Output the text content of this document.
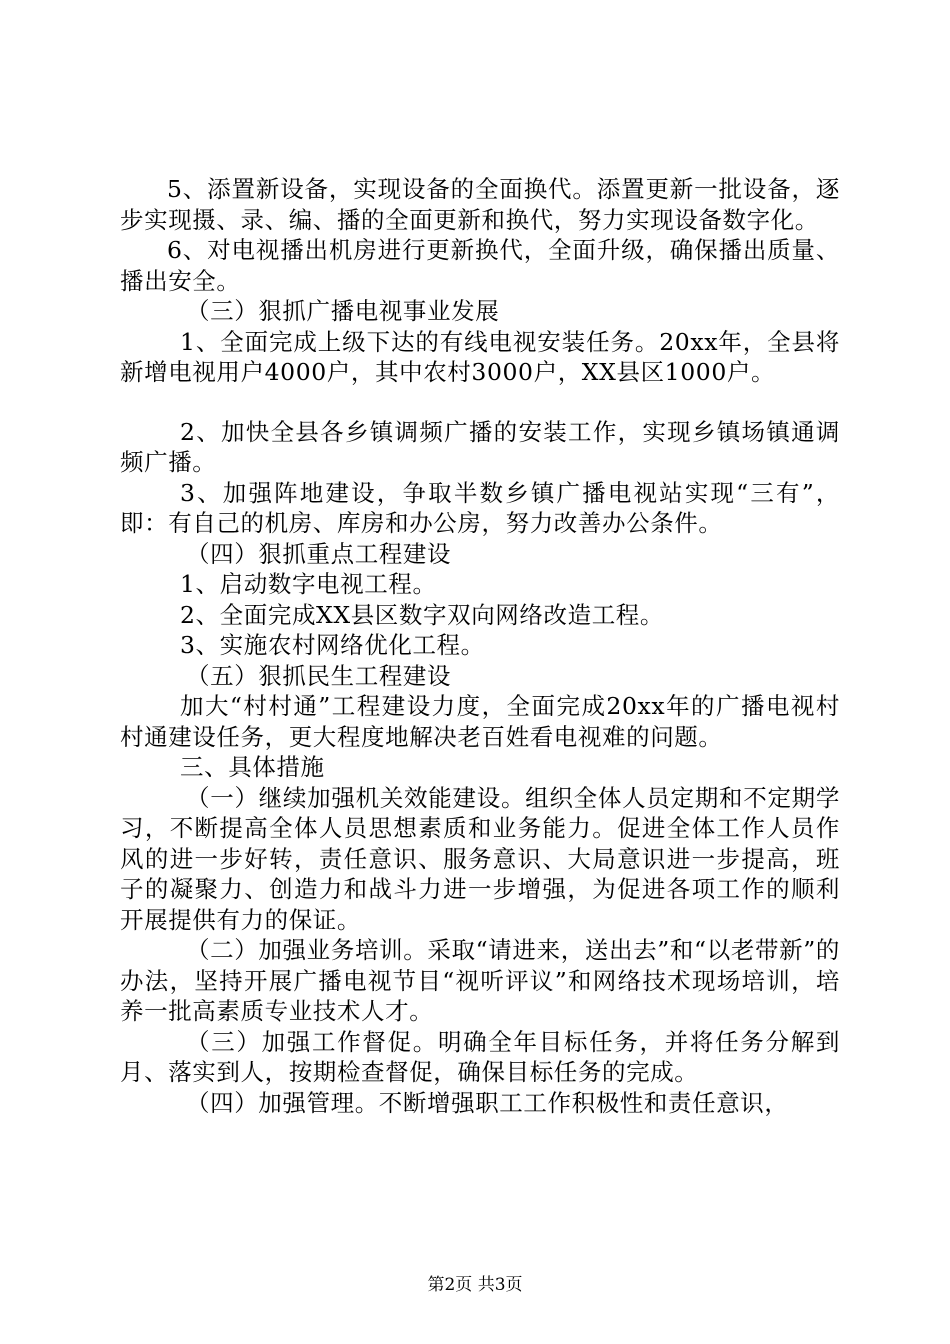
5、添置新设备，实现设备的全面换代。添置更新一批设备，逐步实现摄、录、编、播的全面更新和换代，努力实现设备数字化。

6、对电视播出机房进行更新换代，全面升级，确保播出质量、播出安全。

（三）狠抓广播电视事业发展

1、全面完成上级下达的有线电视安装任务。20xx年，全县将新增电视用户4000户，其中农村3000户，XX县区1000户。

2、加快全县各乡镇调频广播的安装工作，实现乡镇场镇通调频广播。

3、加强阵地建设，争取半数乡镇广播电视站实现“三有”，即：有自己的机房、库房和办公房，努力改善办公条件。

（四）狠抓重点工程建设

1、启动数字电视工程。

2、全面完成XX县区数字双向网络改造工程。

3、实施农村网络优化工程。

（五）狠抓民生工程建设

加大“村村通”工程建设力度，全面完成20xx年的广播电视村村通建设任务，更大程度地解决老百姓看电视难的问题。

三、具体措施

（一）继续加强机关效能建设。组织全体人员定期和不定期学习，不断提高全体人员思想素质和业务能力。促进全体工作人员作风的进一步好转，责任意识、服务意识、大局意识进一步提高，班子的凝聚力、创造力和战斗力进一步增强，为促进各项工作的顺利开展提供有力的保证。

（二）加强业务培训。采取“请进来，送出去”和“以老带新”的办法，坚持开展广播电视节目“视听评议”和网络技术现场培训，培养一批高素质专业技术人才。

（三）加强工作督促。明确全年目标任务，并将任务分解到月、落实到人，按期检查督促，确保目标任务的完成。

（四）加强管理。不断增强职工工作积极性和责任意识，

第2页 共3页
